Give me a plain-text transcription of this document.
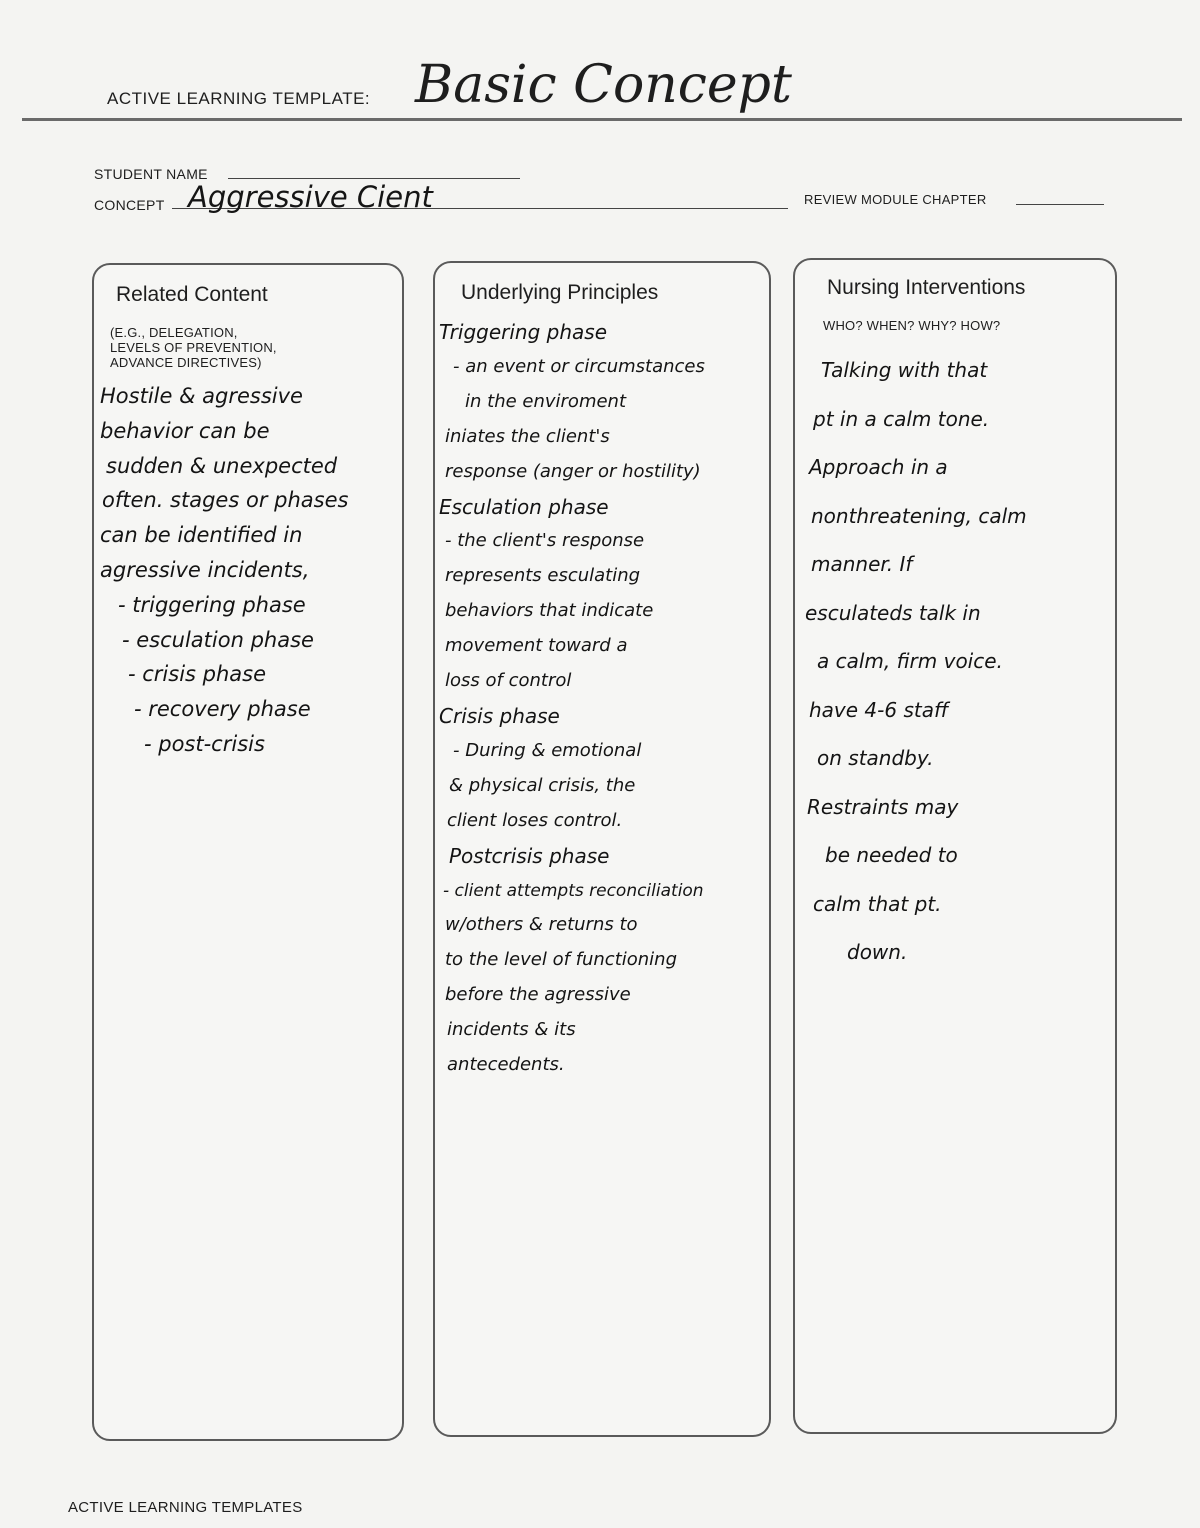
ACTIVE LEARNING TEMPLATE: Basic Concept
STUDENT NAME
CONCEPT Aggressive Cient	REVIEW MODULE CHAPTER
Related Content
(E.G., DELEGATION,
LEVELS OF PREVENTION,
ADVANCE DIRECTIVES)
Hostile & agressive
behavior can be
sudden & unexpected
often. stages or phases
can be identified in
agressive incidents,
- triggering phase
- esculation phase
- crisis phase
- recovery phase
- post-crisis
Underlying Principles
Triggering phase
- an event or circumstances
in the enviroment
iniates the client's
response (anger or hostility)
Esculation phase
- the client's response
represents esculating
behaviors that indicate
movement toward a
loss of control
Crisis phase
- During & emotional
& physical crisis, the
client loses control.
Postcrisis phase
- client attempts reconciliation
w/others & returns to
to the level of functioning
before the agressive
incidents & its
antecedents.
Nursing Interventions
WHO? WHEN? WHY? HOW?
Talking with that
pt in a calm tone.
Approach in a
nonthreatening, calm
manner. If
esculateds talk in
a calm, firm voice.
have 4-6 staff
on standby.
Restraints may
be needed to
calm that pt.
down.
ACTIVE LEARNING TEMPLATES
